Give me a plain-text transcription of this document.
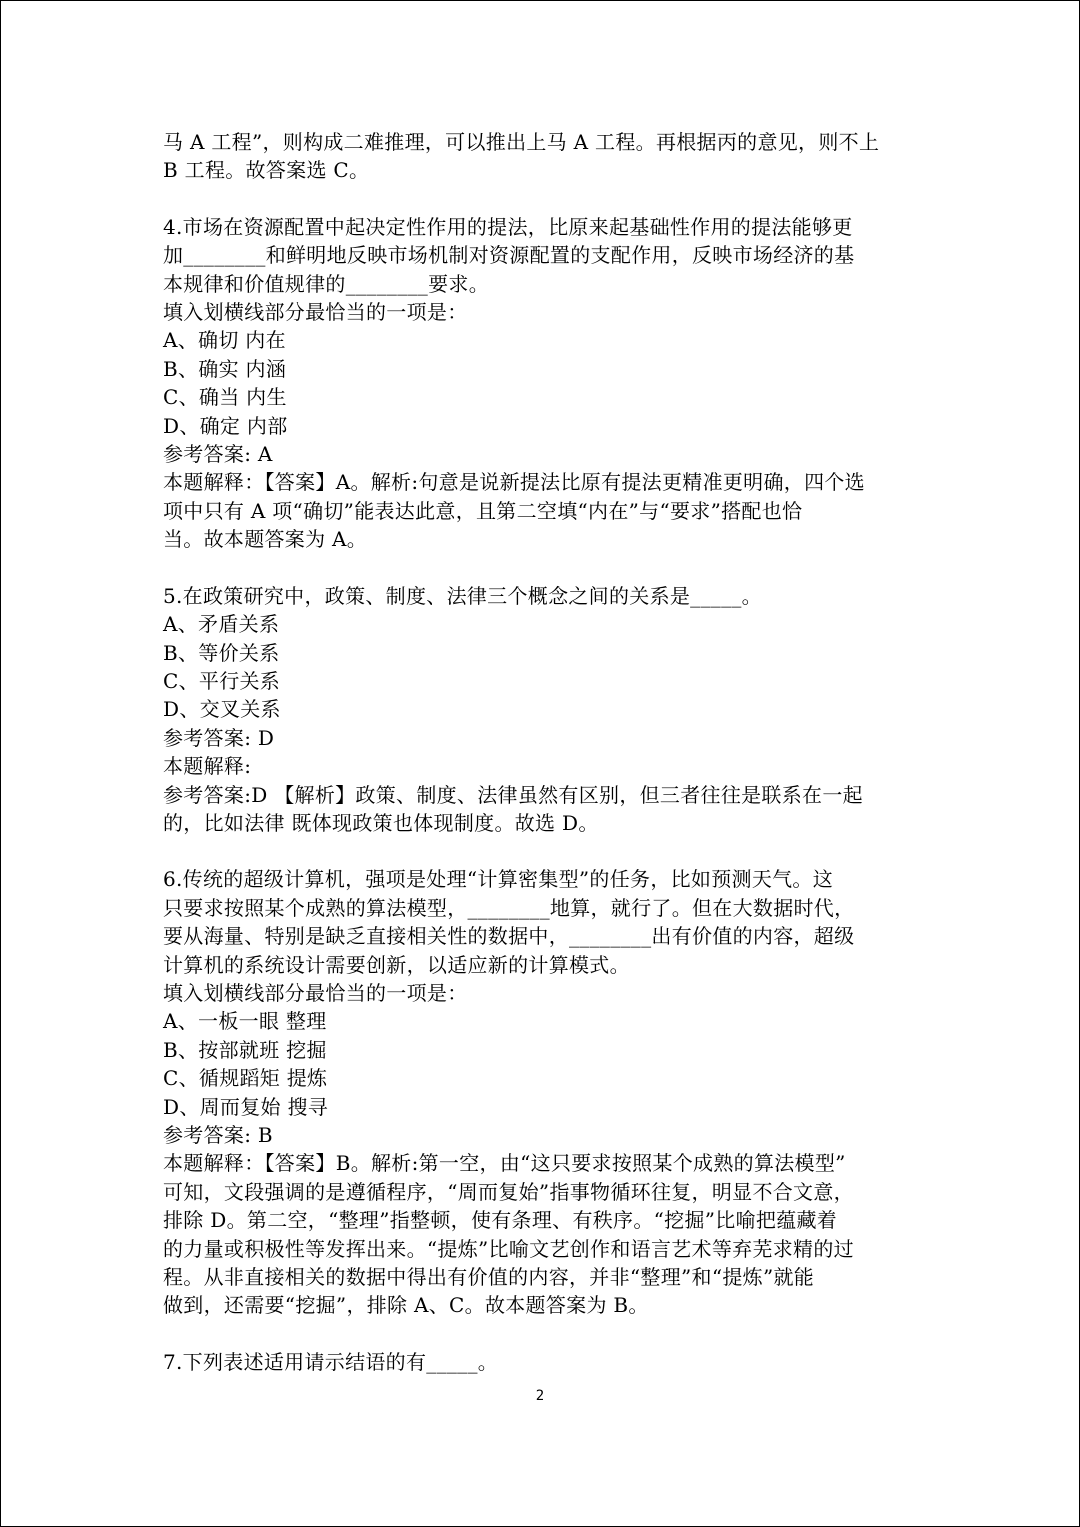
马 A 工程”，则构成二难推理，可以推出上马 A 工程。再根据丙的意见，则不上
B 工程。故答案选 C。
4.市场在资源配置中起决定性作用的提法，比原来起基础性作用的提法能够更
加________和鲜明地反映市场机制对资源配置的支配作用，反映市场经济的基
本规律和价值规律的________要求。
填入划横线部分最恰当的一项是：
A、确切 内在
B、确实 内涵
C、确当 内生
D、确定 内部
参考答案: A
本题解释：【答案】A。解析:句意是说新提法比原有提法更精准更明确，四个选
项中只有 A 项“确切”能表达此意，且第二空填“内在”与“要求”搭配也恰
当。故本题答案为 A。
5.在政策研究中，政策、制度、法律三个概念之间的关系是_____。
A、矛盾关系
B、等价关系
C、平行关系
D、交叉关系
参考答案: D
本题解释:
参考答案:D 【解析】政策、制度、法律虽然有区别，但三者往往是联系在一起
的，比如法律 既体现政策也体现制度。故选 D。
6.传统的超级计算机，强项是处理“计算密集型”的任务，比如预测天气。这
只要求按照某个成熟的算法模型，________地算，就行了。但在大数据时代，
要从海量、特别是缺乏直接相关性的数据中，________出有价值的内容，超级
计算机的系统设计需要创新，以适应新的计算模式。
填入划横线部分最恰当的一项是：
A、一板一眼 整理
B、按部就班 挖掘
C、循规蹈矩 提炼
D、周而复始 搜寻
参考答案: B
本题解释：【答案】B。解析:第一空，由“这只要求按照某个成熟的算法模型”
可知，文段强调的是遵循程序，“周而复始”指事物循环往复，明显不合文意，
排除 D。第二空，“整理”指整顿，使有条理、有秩序。“挖掘”比喻把蕴藏着
的力量或积极性等发挥出来。“提炼”比喻文艺创作和语言艺术等弃芜求精的过
程。从非直接相关的数据中得出有价值的内容，并非“整理”和“提炼”就能
做到，还需要“挖掘”，排除 A、C。故本题答案为 B。
7.下列表述适用请示结语的有_____。
2
